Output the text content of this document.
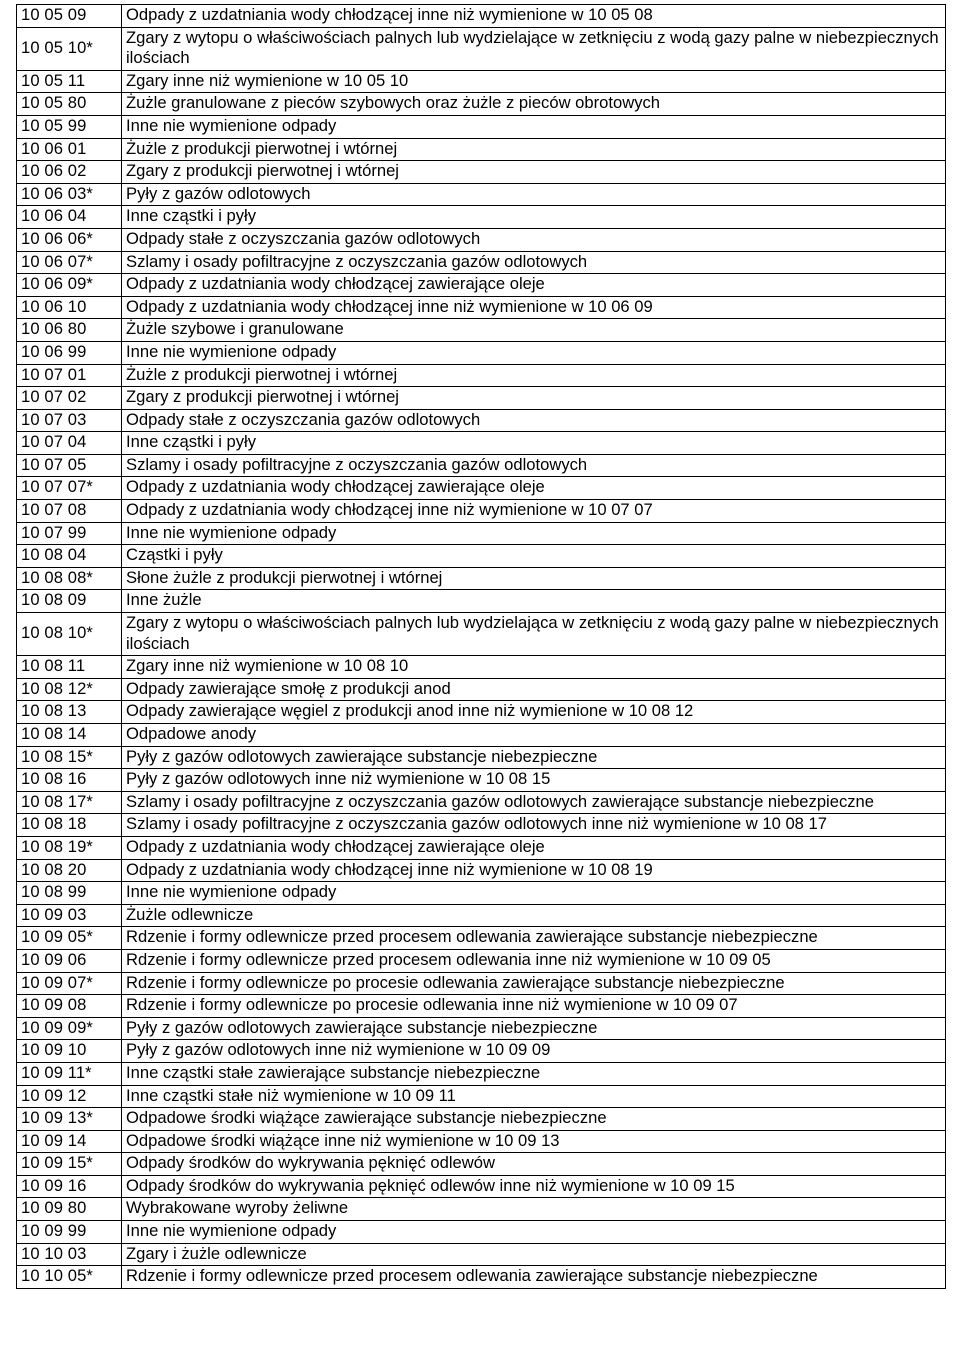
10 05 09	Odpady z uzdatniania wody chłodzącej inne niż wymienione w 10 05 08
10 05 10*	Zgary z wytopu o właściwościach palnych lub wydzielające w zetknięciu z wodą gazy palne w niebezpiecznych ilościach
10 05 11	Zgary inne niż wymienione w 10 05 10
10 05 80	Żużle granulowane z pieców szybowych oraz żużle z pieców obrotowych
10 05 99	Inne nie wymienione odpady
10 06 01	Żużle z produkcji pierwotnej i wtórnej
10 06 02	Zgary z produkcji pierwotnej i wtórnej
10 06 03*	Pyły z gazów odlotowych
10 06 04	Inne cząstki i pyły
10 06 06*	Odpady stałe z oczyszczania gazów odlotowych
10 06 07*	Szlamy i osady pofiltracyjne z oczyszczania gazów odlotowych
10 06 09*	Odpady z uzdatniania wody chłodzącej zawierające oleje
10 06 10	Odpady z uzdatniania wody chłodzącej inne niż wymienione w 10 06 09
10 06 80	Żużle szybowe i granulowane
10 06 99	Inne nie wymienione odpady
10 07 01	Żużle z produkcji pierwotnej i wtórnej
10 07 02	Zgary z produkcji pierwotnej i wtórnej
10 07 03	Odpady stałe z oczyszczania gazów odlotowych
10 07 04	Inne cząstki i pyły
10 07 05	Szlamy i osady pofiltracyjne z oczyszczania gazów odlotowych
10 07 07*	Odpady z uzdatniania wody chłodzącej zawierające oleje
10 07 08	Odpady z uzdatniania wody chłodzącej inne niż wymienione w 10 07 07
10 07 99	Inne nie wymienione odpady
10 08 04	Cząstki i pyły
10 08 08*	Słone żużle z produkcji pierwotnej i wtórnej
10 08 09	Inne żużle
10 08 10*	Zgary z wytopu o właściwościach palnych lub wydzielająca w zetknięciu z wodą gazy palne w niebezpiecznych ilościach
10 08 11	Zgary inne niż wymienione w 10 08 10
10 08 12*	Odpady zawierające smołę z produkcji anod
10 08 13	Odpady zawierające węgiel z produkcji anod inne niż wymienione w 10 08 12
10 08 14	Odpadowe anody
10 08 15*	Pyły z gazów odlotowych zawierające substancje niebezpieczne
10 08 16	Pyły z gazów odlotowych inne niż wymienione w 10 08 15
10 08 17*	Szlamy i osady pofiltracyjne z oczyszczania gazów odlotowych zawierające substancje niebezpieczne
10 08 18	Szlamy i osady pofiltracyjne z oczyszczania gazów odlotowych inne niż wymienione w 10 08 17
10 08 19*	Odpady z uzdatniania wody chłodzącej zawierające oleje
10 08 20	Odpady z uzdatniania wody chłodzącej inne niż wymienione w 10 08 19
10 08 99	Inne nie wymienione odpady
10 09 03	Żużle odlewnicze
10 09 05*	Rdzenie i formy odlewnicze przed procesem odlewania zawierające substancje niebezpieczne
10 09 06	Rdzenie i formy odlewnicze przed procesem odlewania inne niż wymienione w 10 09 05
10 09 07*	Rdzenie i formy odlewnicze po procesie odlewania zawierające substancje niebezpieczne
10 09 08	Rdzenie i formy odlewnicze po procesie odlewania inne niż wymienione w 10 09 07
10 09 09*	Pyły z gazów odlotowych zawierające substancje niebezpieczne
10 09 10	Pyły z gazów odlotowych inne niż wymienione w 10 09 09
10 09 11*	Inne cząstki stałe zawierające substancje niebezpieczne
10 09 12	Inne cząstki stałe niż wymienione w 10 09 11
10 09 13*	Odpadowe środki wiążące zawierające substancje niebezpieczne
10 09 14	Odpadowe środki wiążące inne niż wymienione w 10 09 13
10 09 15*	Odpady środków do wykrywania pęknięć odlewów
10 09 16	Odpady środków do wykrywania pęknięć odlewów inne niż wymienione w 10 09 15
10 09 80	Wybrakowane wyroby żeliwne
10 09 99	Inne nie wymienione odpady
10 10 03	Zgary i żużle odlewnicze
10 10 05*	Rdzenie i formy odlewnicze przed procesem odlewania zawierające substancje niebezpieczne
